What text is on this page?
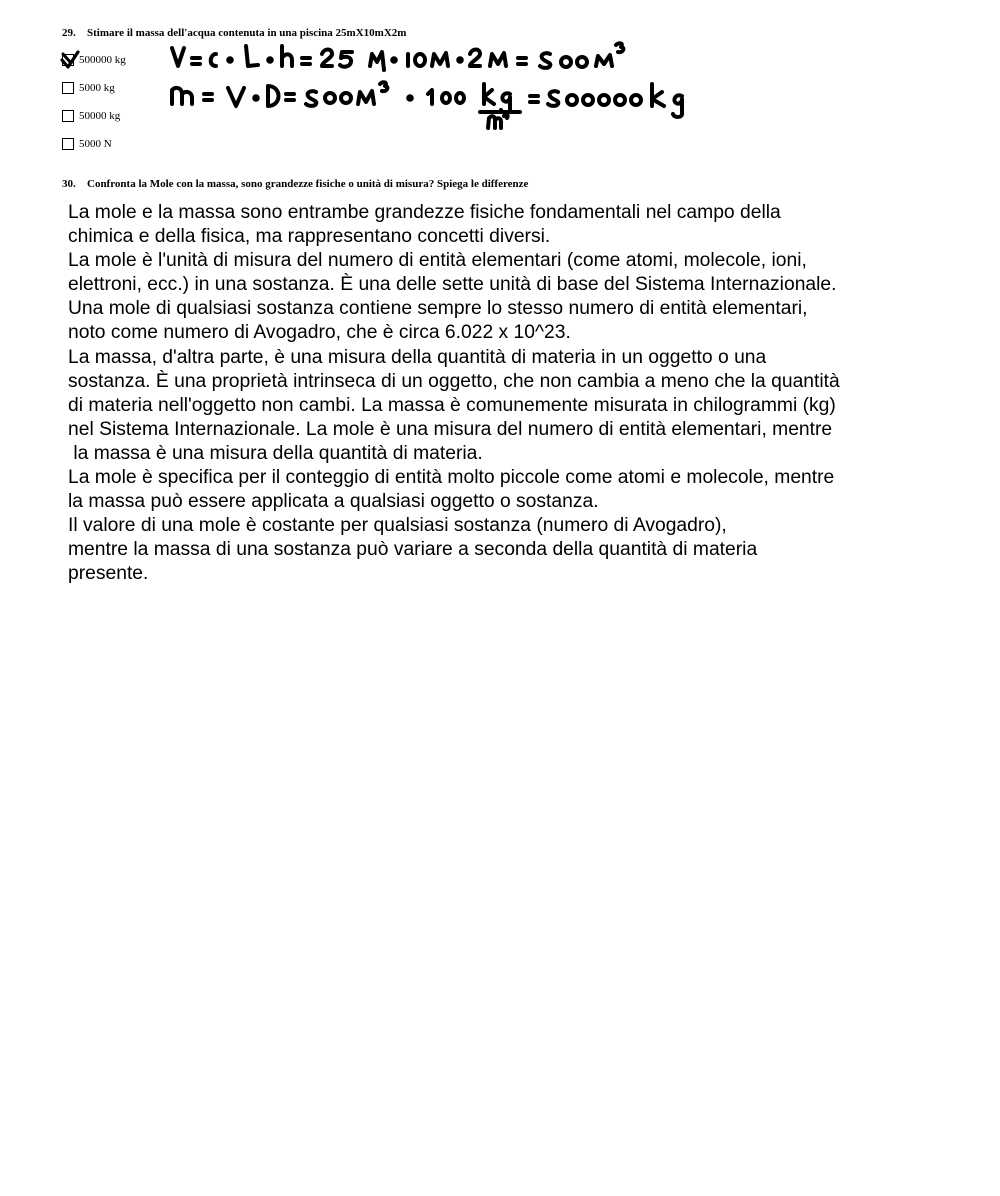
29. Stimare il massa dell'acqua contenuta in una piscina 25mX10mX2m
500000 kg
5000 kg
50000 kg
5000 N
30. Confronta la Mole con la massa, sono grandezze fisiche o unità di misura? Spiega le differenze
La mole e la massa sono entrambe grandezze fisiche fondamentali nel campo della
chimica e della fisica, ma rappresentano concetti diversi.
La mole è l'unità di misura del numero di entità elementari (come atomi, molecole, ioni,
elettroni, ecc.) in una sostanza. È una delle sette unità di base del Sistema Internazionale.
Una mole di qualsiasi sostanza contiene sempre lo stesso numero di entità elementari,
noto come numero di Avogadro, che è circa 6.022 x 10^23.
La massa, d'altra parte, è una misura della quantità di materia in un oggetto o una
sostanza. È una proprietà intrinseca di un oggetto, che non cambia a meno che la quantità
di materia nell'oggetto non cambi. La massa è comunemente misurata in chilogrammi (kg)
nel Sistema Internazionale. La mole è una misura del numero di entità elementari, mentre
la massa è una misura della quantità di materia.
La mole è specifica per il conteggio di entità molto piccole come atomi e molecole, mentre
la massa può essere applicata a qualsiasi oggetto o sostanza.
Il valore di una mole è costante per qualsiasi sostanza (numero di Avogadro),
mentre la massa di una sostanza può variare a seconda della quantità di materia
presente.
